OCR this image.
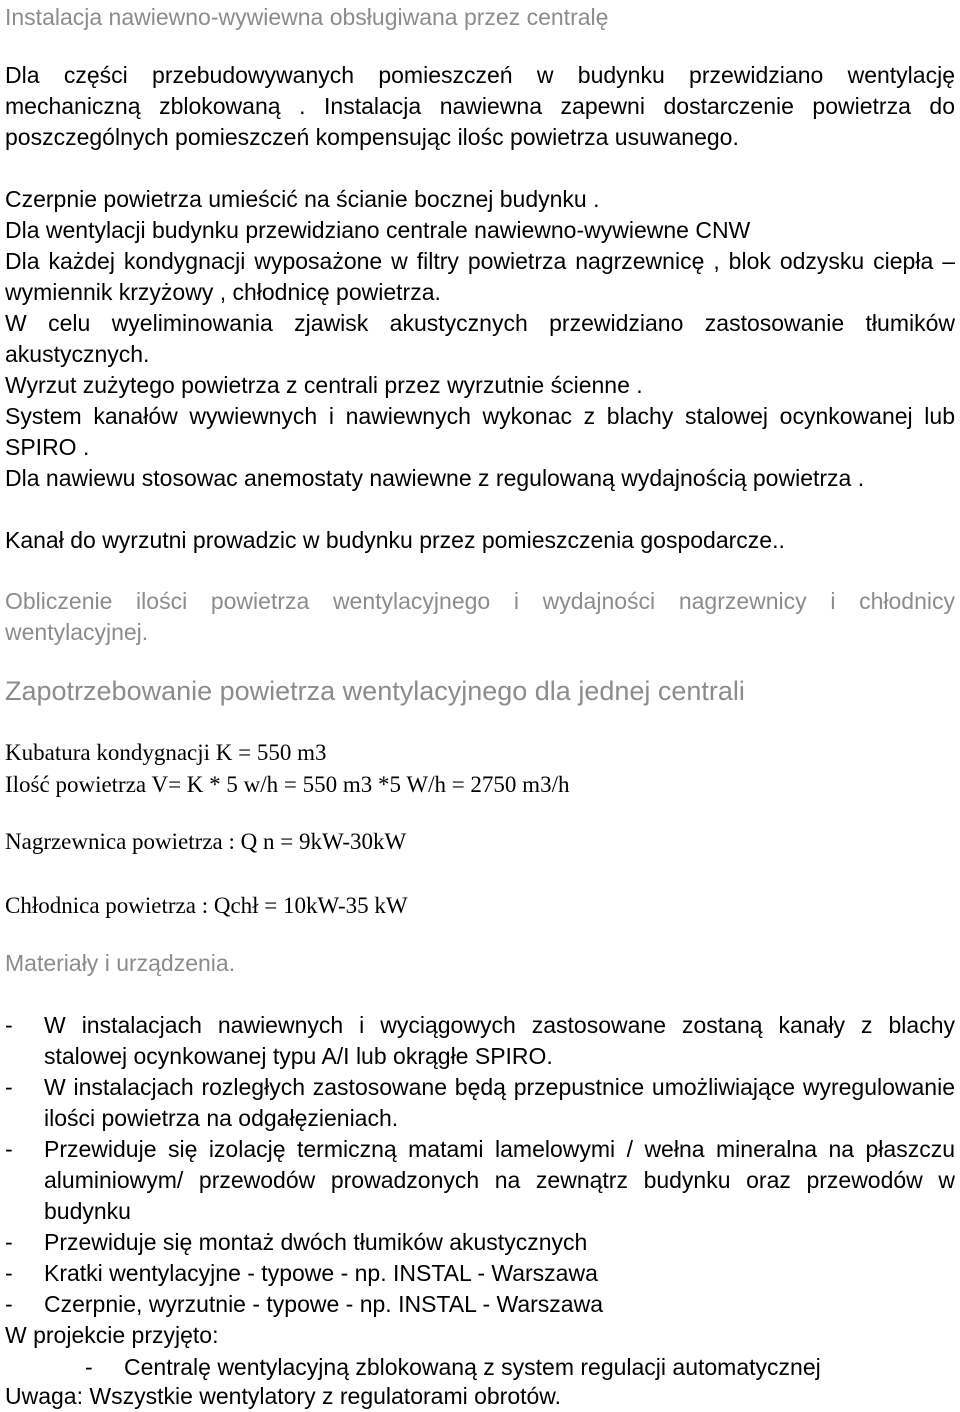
Instalacja nawiewno-wywiewna obsługiwana przez centralę
Dla części przebudowywanych pomieszczeń w budynku przewidziano wentylację mechaniczną zblokowaną . Instalacja nawiewna zapewni dostarczenie powietrza do poszczególnych pomieszczeń kompensując ilośc powietrza usuwanego.
Czerpnie powietrza umieścić na ścianie bocznej budynku .
Dla wentylacji budynku przewidziano centrale nawiewno-wywiewne CNW
Dla każdej kondygnacji wyposażone w filtry powietrza nagrzewnicę , blok odzysku ciepła – wymiennik krzyżowy , chłodnicę powietrza.
W celu wyeliminowania zjawisk akustycznych przewidziano zastosowanie tłumików akustycznych.
Wyrzut zużytego powietrza z centrali przez wyrzutnie ścienne .
System kanałów wywiewnych i nawiewnych wykonac z blachy stalowej ocynkowanej lub SPIRO .
Dla nawiewu stosowac anemostaty nawiewne z regulowaną wydajnością powietrza .
Kanał do wyrzutni prowadzic w budynku przez pomieszczenia gospodarcze..
Obliczenie ilości powietrza wentylacyjnego i wydajności nagrzewnicy i chłodnicy wentylacyjnej.
Zapotrzebowanie powietrza wentylacyjnego dla jednej centrali
Kubatura kondygnacji K = 550 m3
Ilość powietrza V= K * 5 w/h = 550 m3 *5 W/h = 2750 m3/h
Nagrzewnica powietrza : Q n = 9kW-30kW
Chłodnica powietrza : Qchł = 10kW-35 kW
Materiały i urządzenia.
- W instalacjach nawiewnych i wyciągowych zastosowane zostaną kanały z blachy stalowej ocynkowanej typu A/I lub okrągłe SPIRO.
- W instalacjach rozległych zastosowane będą przepustnice umożliwiające wyregulowanie ilości powietrza na odgałęzieniach.
- Przewiduje się izolację termiczną matami lamelowymi / wełna mineralna na płaszczu aluminiowym/ przewodów prowadzonych na zewnątrz budynku oraz przewodów w budynku
- Przewiduje się montaż dwóch tłumików akustycznych
- Kratki wentylacyjne - typowe - np. INSTAL - Warszawa
- Czerpnie, wyrzutnie - typowe - np. INSTAL - Warszawa
W projekcie przyjęto:
- Centralę wentylacyjną zblokowaną z system regulacji automatycznej
Uwaga: Wszystkie wentylatory z regulatorami obrotów.
